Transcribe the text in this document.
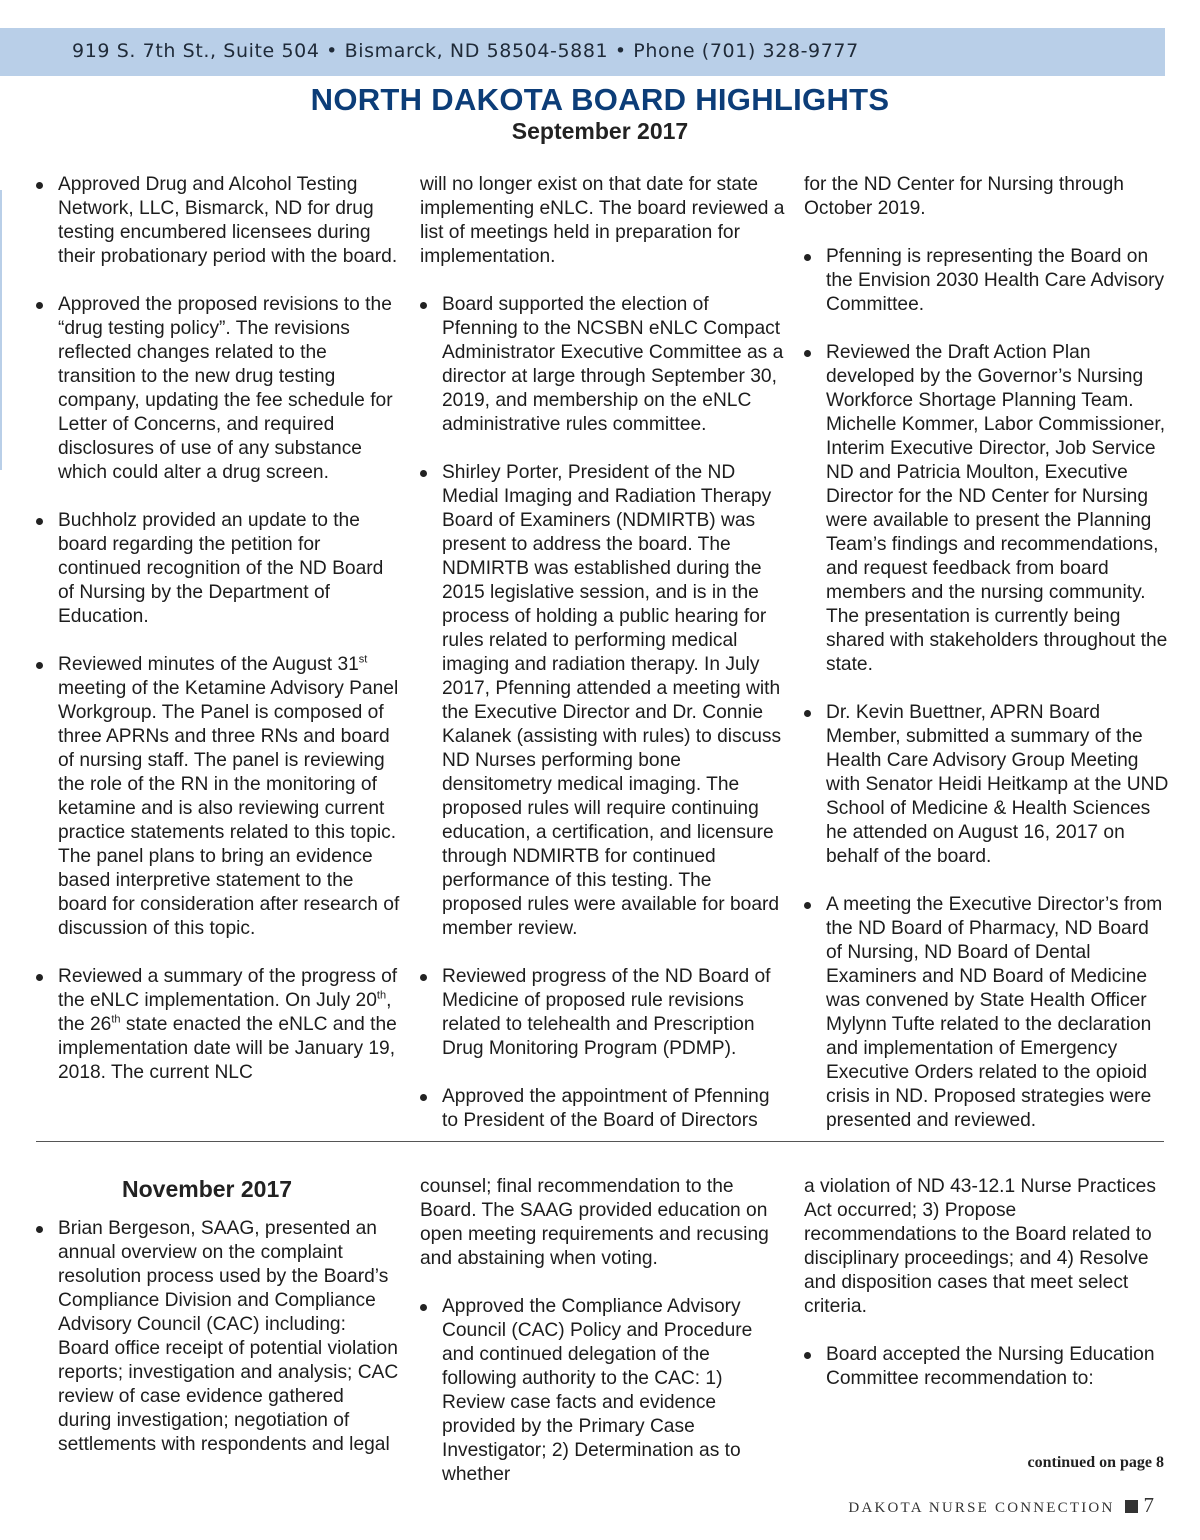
919 S. 7th St., Suite 504 • Bismarck, ND 58504-5881 • Phone (701) 328-9777
NORTH DAKOTA BOARD HIGHLIGHTS
September 2017
Approved Drug and Alcohol Testing Network, LLC, Bismarck, ND for drug testing encumbered licensees during their probationary period with the board.
Approved the proposed revisions to the “drug testing policy”. The revisions reflected changes related to the transition to the new drug testing company, updating the fee schedule for Letter of Concerns, and required disclosures of use of any substance which could alter a drug screen.
Buchholz provided an update to the board regarding the petition for continued recognition of the ND Board of Nursing by the Department of Education.
Reviewed minutes of the August 31st meeting of the Ketamine Advisory Panel Workgroup. The Panel is composed of three APRNs and three RNs and board of nursing staff. The panel is reviewing the role of the RN in the monitoring of ketamine and is also reviewing current practice statements related to this topic. The panel plans to bring an evidence based interpretive statement to the board for consideration after research of discussion of this topic.
Reviewed a summary of the progress of the eNLC implementation. On July 20th, the 26th state enacted the eNLC and the implementation date will be January 19, 2018. The current NLC

will no longer exist on that date for state implementing eNLC. The board reviewed a list of meetings held in preparation for implementation.

Board supported the election of Pfenning to the NCSBN eNLC Compact Administrator Executive Committee as a director at large through September 30, 2019, and membership on the eNLC administrative rules committee.
Shirley Porter, President of the ND Medial Imaging and Radiation Therapy Board of Examiners (NDMIRTB) was present to address the board. The NDMIRTB was established during the 2015 legislative session, and is in the process of holding a public hearing for rules related to performing medical imaging and radiation therapy. In July 2017, Pfenning attended a meeting with the Executive Director and Dr. Connie Kalanek (assisting with rules) to discuss ND Nurses performing bone densitometry medical imaging. The proposed rules will require continuing education, a certification, and licensure through NDMIRTB for continued performance of this testing. The proposed rules were available for board member review.
Reviewed progress of the ND Board of Medicine of proposed rule revisions related to telehealth and Prescription Drug Monitoring Program (PDMP).
Approved the appointment of Pfenning to President of the Board of Directors

for the ND Center for Nursing through October 2019.

Pfenning is representing the Board on the Envision 2030 Health Care Advisory Committee.
Reviewed the Draft Action Plan developed by the Governor’s Nursing Workforce Shortage Planning Team. Michelle Kommer, Labor Commissioner, Interim Executive Director, Job Service ND and Patricia Moulton, Executive Director for the ND Center for Nursing were available to present the Planning Team’s findings and recommendations, and request feedback from board members and the nursing community. The presentation is currently being shared with stakeholders throughout the state.
Dr. Kevin Buettner, APRN Board Member, submitted a summary of the Health Care Advisory Group Meeting with Senator Heidi Heitkamp at the UND School of Medicine & Health Sciences he attended on August 16, 2017 on behalf of the board.
A meeting the Executive Director’s from the ND Board of Pharmacy, ND Board of Nursing, ND Board of Dental Examiners and ND Board of Medicine was convened by State Health Officer Mylynn Tufte related to the declaration and implementation of Emergency Executive Orders related to the opioid crisis in ND. Proposed strategies were presented and reviewed.
November 2017
Brian Bergeson, SAAG, presented an annual overview on the complaint resolution process used by the Board’s Compliance Division and Compliance Advisory Council (CAC) including: Board office receipt of potential violation reports; investigation and analysis; CAC review of case evidence gathered during investigation; negotiation of settlements with respondents and legal

counsel; final recommendation to the Board. The SAAG provided education on open meeting requirements and recusing and abstaining when voting.

Approved the Compliance Advisory Council (CAC) Policy and Procedure and continued delegation of the following authority to the CAC: 1) Review case facts and evidence provided by the Primary Case Investigator; 2) Determination as to whether

a violation of ND 43-12.1 Nurse Practices Act occurred; 3) Propose recommendations to the Board related to disciplinary proceedings; and 4) Resolve and disposition cases that meet select criteria.

Board accepted the Nursing Education Committee recommendation to:
continued on page 8
DAKOTA NURSE CONNECTION 7
